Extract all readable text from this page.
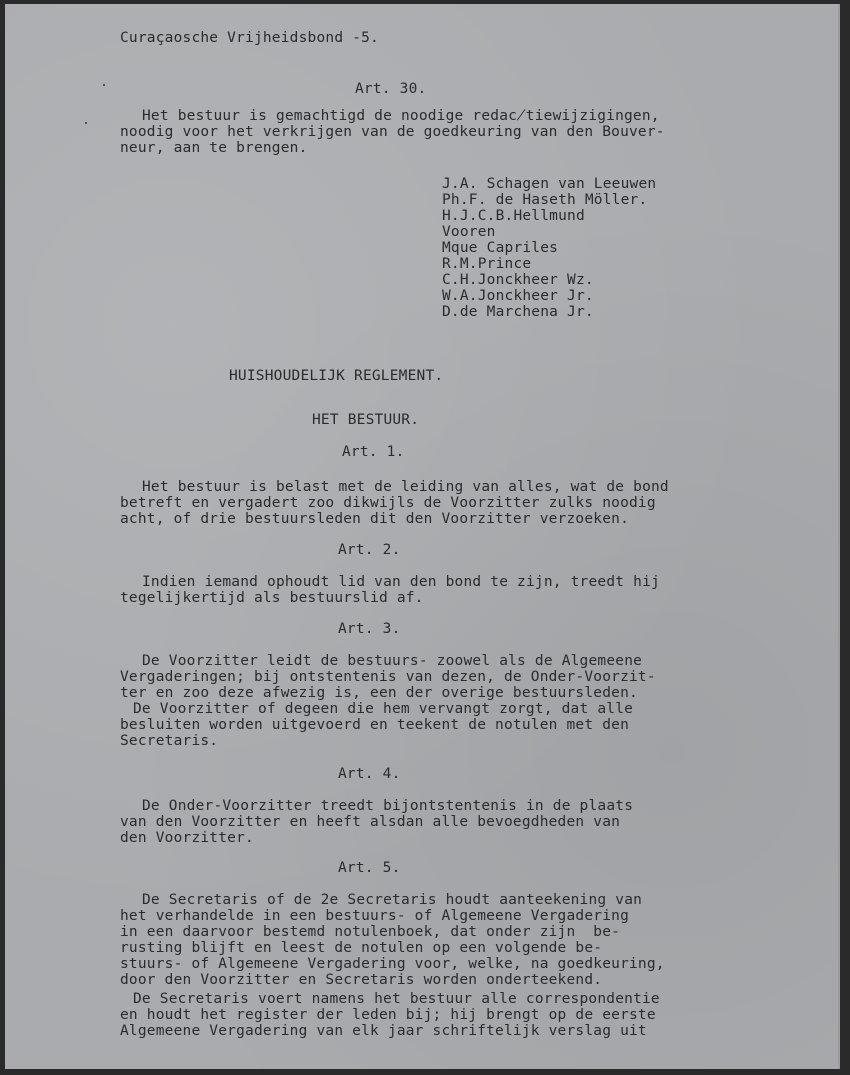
Curaçaosche Vrijheidsbond -5.

Art. 30.

Het bestuur is gemachtigd de noodige redac̸tiewijzigingen,

noodig voor het verkrijgen van de goedkeuring van den Bouver-

neur, aan te brengen.

J.A. Schagen van Leeuwen

Ph.F. de Haseth Möller.

H.J.C.B.Hellmund

Vooren

Mque Capriles

R.M.Prince

C.H.Jonckheer Wz.

W.A.Jonckheer Jr.

D.de Marchena Jr.

HUISHOUDELIJK REGLEMENT.

HET BESTUUR.

Art. 1.

Het bestuur is belast met de leiding van alles, wat de bond

betreft en vergadert zoo dikwijls de Voorzitter zulks noodig

acht, of drie bestuursleden dit den Voorzitter verzoeken.

Art. 2.

Indien iemand ophoudt lid van den bond te zijn, treedt hij

tegelijkertijd als bestuurslid af.

Art. 3.

De Voorzitter leidt de bestuurs- zoowel als de Algemeene

Vergaderingen; bij ontstentenis van dezen, de Onder-Voorzit-

ter en zoo deze afwezig is, een der overige bestuursleden.

De Voorzitter of degeen die hem vervangt zorgt, dat alle

besluiten worden uitgevoerd en teekent de notulen met den

Secretaris.

Art. 4.

De Onder-Voorzitter treedt bijontstentenis in de plaats

van den Voorzitter en heeft alsdan alle bevoegdheden van

den Voorzitter.

Art. 5.

De Secretaris of de 2e Secretaris houdt aanteekening van

het verhandelde in een bestuurs- of Algemeene Vergadering

in een daarvoor bestemd notulenboek, dat onder zijn  be-

rusting blijft en leest de notulen op een volgende be-

stuurs- of Algemeene Vergadering voor, welke, na goedkeuring,

door den Voorzitter en Secretaris worden onderteekend.

De Secretaris voert namens het bestuur alle correspondentie

en houdt het register der leden bij; hij brengt op de eerste

Algemeene Vergadering van elk jaar schriftelijk verslag uit
